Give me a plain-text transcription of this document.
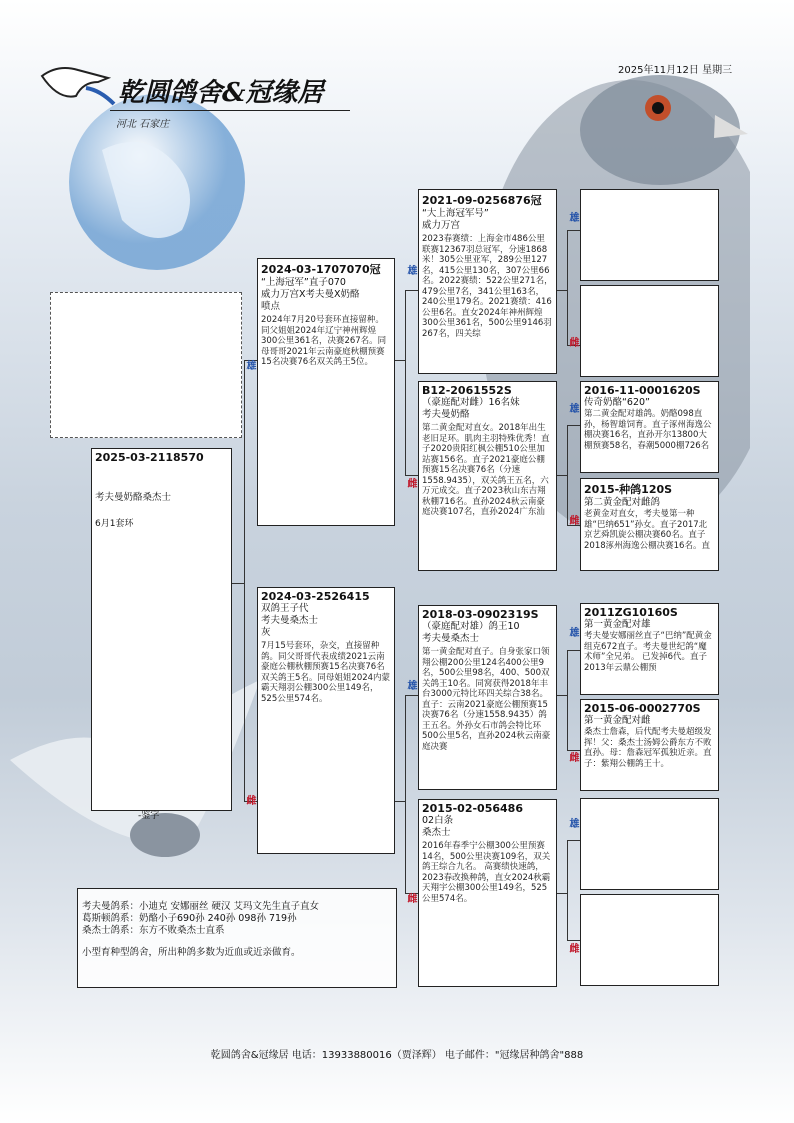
乾圆鸽舍&冠缘居
河北 石家庄
2025年11月12日 星期三
雄
雌
雄
雌
雄
雌
雄
雌
雄
雌
雄
雌
雄
雌
2025-03-2118570
考夫曼奶酪桑杰士
6月1套环
2024-03-1707070冠
“上海冠军”直子070
威力万宫X考夫曼X奶酪
喷点
2024年7月20号套环直接留种。同父姐姐2024年辽宁神州辉煌300公里361名，决赛267名。同母哥哥2021年云南豪庭秋棚预赛15名决赛76名双关鸽王5位。
2024-03-2526415
双鸽王子代
考夫曼桑杰士
灰
7月15号套环，杂交，直接留种鸽。同父哥哥代表成绩2021云南豪庭公棚秋棚预赛15名决赛76名双关鸽王5名。同母姐姐2024内蒙霸天翔羽公棚300公里149名，525公里574名。
2021-09-0256876冠
“大上海冠军号”
威力万宫
2023春赛绩：上海金市486公里联赛12367羽总冠军，分速1868米！305公里亚军，289公里127名，415公里130名，307公里66名。2022赛绩：522公里271名，479公里7名，341公里163名，240公里179名。2021赛绩：416公里6名。直女2024年神州辉煌300公里361名，500公里9146羽267名，四关综
B12-2061552S
（豪庭配对雌）16名妹
考夫曼奶酪
第二黄金配对直女。2018年出生老旧足环。肌肉主羽特殊优秀！直子2020贵阳红枫公棚510公里加站赛156名。直子2021豪庭公棚预赛15名决赛76名（分速1558.9435），双关鸽王五名，六万元成交。直子2023秋山东吉翔秋棚716名。直孙2024秋云南豪庭决赛107名，直孙2024广东汕
2018-03-0902319S
（豪庭配对雄）鸽王10
考夫曼桑杰士
第一黄金配对直子。自身张家口领翔公棚200公里124名400公里9名，500公里98名，400、500双关鸽王10名。同窝获得2018年丰台3000元特比环四关综合38名。直子：云南2021豪庭公棚预赛15决赛76名（分速1558.9435）鸽王五名。外孙女石市鸽会特比环500公里5名，直孙2024秋云南豪庭决赛
2015-02-056486
02白条
桑杰士
2016年春季宁公棚300公里预赛14名，500公里决赛109名，双关鸽王综合九名。 高赛绩快速鸽，2023春改换种鸽，直女2024秋霸天翔宇公棚300公里149名，525公里574名。
2016-11-0001620S
传奇奶酪“620”
第二黄金配对雄鸽。奶酪098直孙，杨智雄饲育。直子涿州海逸公棚决赛16名，直孙开尔13800大棚预赛58名，春潮5000棚726名
2015-种鸽120S
第二黄金配对雌鸽
老黄金对直女，考夫曼第一种雄“巴纳651”孙女。直子2017北京艺舜凯旋公棚决赛60名。直子2018涿州海逸公棚决赛16名。直
2011ZG10160S
第一黄金配对雄
考夫曼安娜丽丝直子“巴纳”配黄金组克672直子。考夫曼世纪鸽“魔术师”全兄弟。 已发掉6代。直子2013年云鼎公棚预
2015-06-0002770S
第一黄金配对雌
桑杰士詹森，后代配考夫曼超级发挥！父：桑杰士汤姆公爵东方不败直孙。母：詹森冠军孤独近亲。直子：紫翔公棚鸽王十。
-鉴字
考夫曼鸽系：小迪克 安娜丽丝 硬汉 艾玛文先生直子直女
葛斯顿鸽系：奶酪小子690孙 240孙 098孙 719孙
桑杰士鸽系：东方不败桑杰士直系
小型育种型鸽舍，所出种鸽多数为近血或近亲做育。
乾圆鸽舍&冠缘居 电话：13933880016（贾泽辉） 电子邮件："冠缘居种鸽舍"888
